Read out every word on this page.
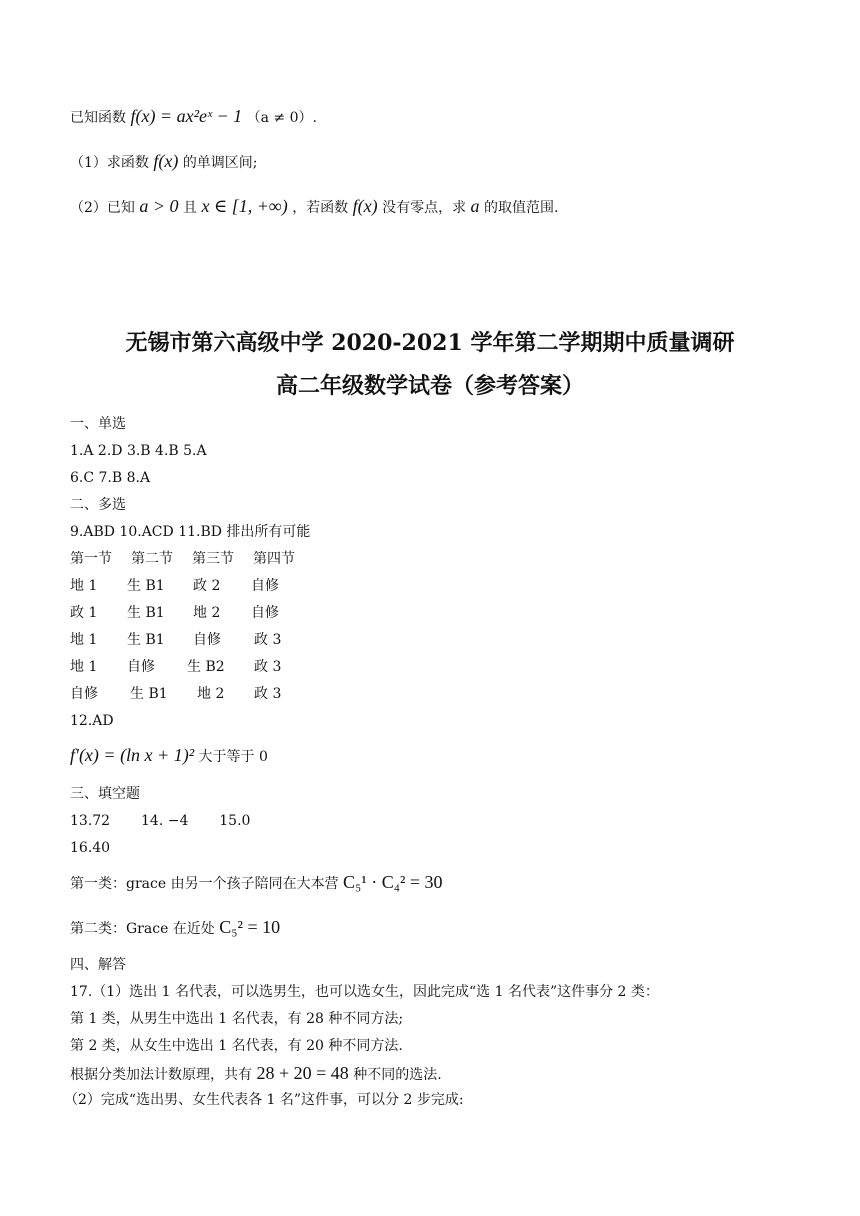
已知函数 f(x) = ax²eˣ − 1 （a ≠ 0）.
（1）求函数 f(x) 的单调区间;
（2）已知 a > 0 且 x ∈ [1, +∞) ，若函数 f(x) 没有零点，求 a 的取值范围.
无锡市第六高级中学 2020-2021 学年第二学期期中质量调研
高二年级数学试卷（参考答案）
一、单选
1.A 2.D 3.B 4.B 5.A
6.C 7.B 8.A
二、多选
9.ABD 10.ACD 11.BD 排出所有可能
第一节 第二节 第三节 第四节
地 1 生 B1 政 2 自修
政 1 生 B1 地 2 自修
地 1 生 B1 自修 政 3
地 1 自修 生 B2 政 3
自修 生 B1 地 2 政 3
12.AD
f′(x) = (ln x + 1)² 大于等于 0
三、填空题
13.72 14. −4 15.0
16.40
第一类：grace 由另一个孩子陪同在大本营 C₅¹ · C₄² = 30
第二类：Grace 在近处 C₅² = 10
四、解答
17.（1）选出 1 名代表，可以选男生，也可以选女生，因此完成“选 1 名代表”这件事分 2 类：
第 1 类，从男生中选出 1 名代表，有 28 种不同方法;
第 2 类，从女生中选出 1 名代表，有 20 种不同方法.
根据分类加法计数原理，共有 28 + 20 = 48 种不同的选法.
（2）完成“选出男、女生代表各 1 名”这件事，可以分 2 步完成:
